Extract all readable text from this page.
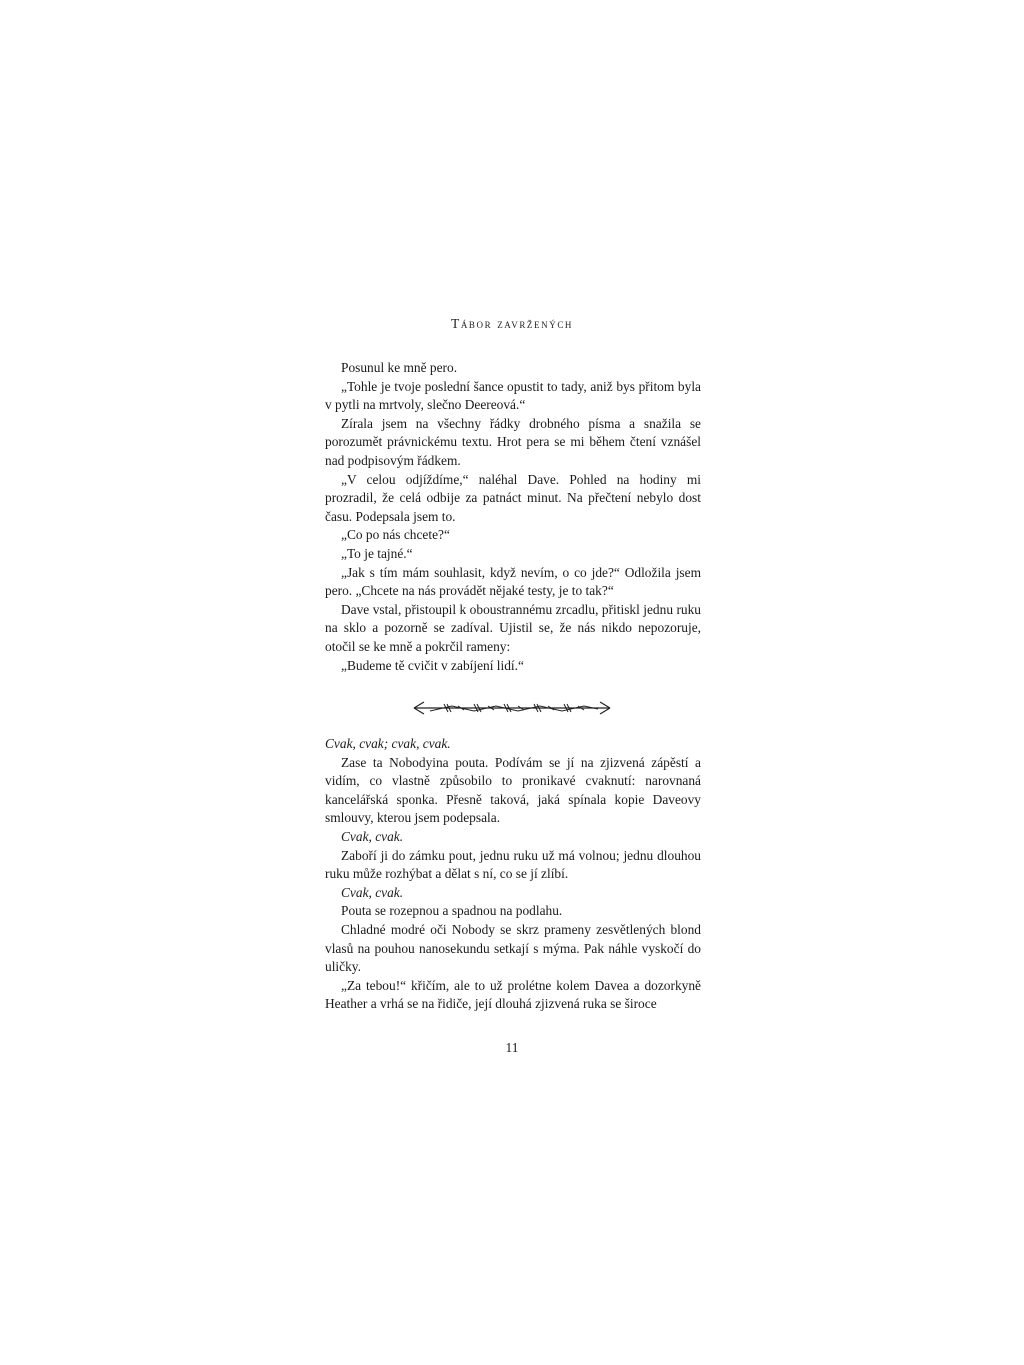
Tábor zavržených

Posunul ke mně pero.

„Tohle je tvoje poslední šance opustit to tady, aniž bys přitom byla v pytli na mrtvoly, slečno Deereová.“

Zírala jsem na všechny řádky drobného písma a snažila se porozumět právnickému textu. Hrot pera se mi během čtení vznášel nad podpisovým řádkem.

„V celou odjíždíme,“ naléhal Dave. Pohled na hodiny mi prozradil, že celá odbije za patnáct minut. Na přečtení nebylo dost času. Podepsala jsem to.

„Co po nás chcete?“

„To je tajné.“

„Jak s tím mám souhlasit, když nevím, o co jde?“ Odložila jsem pero. „Chcete na nás provádět nějaké testy, je to tak?“

Dave vstal, přistoupil k oboustrannému zrcadlu, přitiskl jednu ruku na sklo a pozorně se zadíval. Ujistil se, že nás nikdo nepozoruje, otočil se ke mně a pokrčil rameny:

„Budeme tě cvičit v zabíjení lidí.“

Cvak, cvak; cvak, cvak.

Zase ta Nobodyina pouta. Podívám se jí na zjizvená zápěstí a vidím, co vlastně způsobilo to pronikavé cvaknutí: narovnaná kancelářská sponka. Přesně taková, jaká spínala kopie Daveovy smlouvy, kterou jsem podepsala.

Cvak, cvak.

Zaboří ji do zámku pout, jednu ruku už má volnou; jednu dlouhou ruku může rozhýbat a dělat s ní, co se jí zlíbí.

Cvak, cvak.

Pouta se rozepnou a spadnou na podlahu.

Chladné modré oči Nobody se skrz prameny zesvětlených blond vlasů na pouhou nanosekundu setkají s mýma. Pak náhle vyskočí do uličky.

„Za tebou!“ křičím, ale to už prolétne kolem Davea a dozorkyně Heather a vrhá se na řidiče, její dlouhá zjizvená ruka se široce

11
